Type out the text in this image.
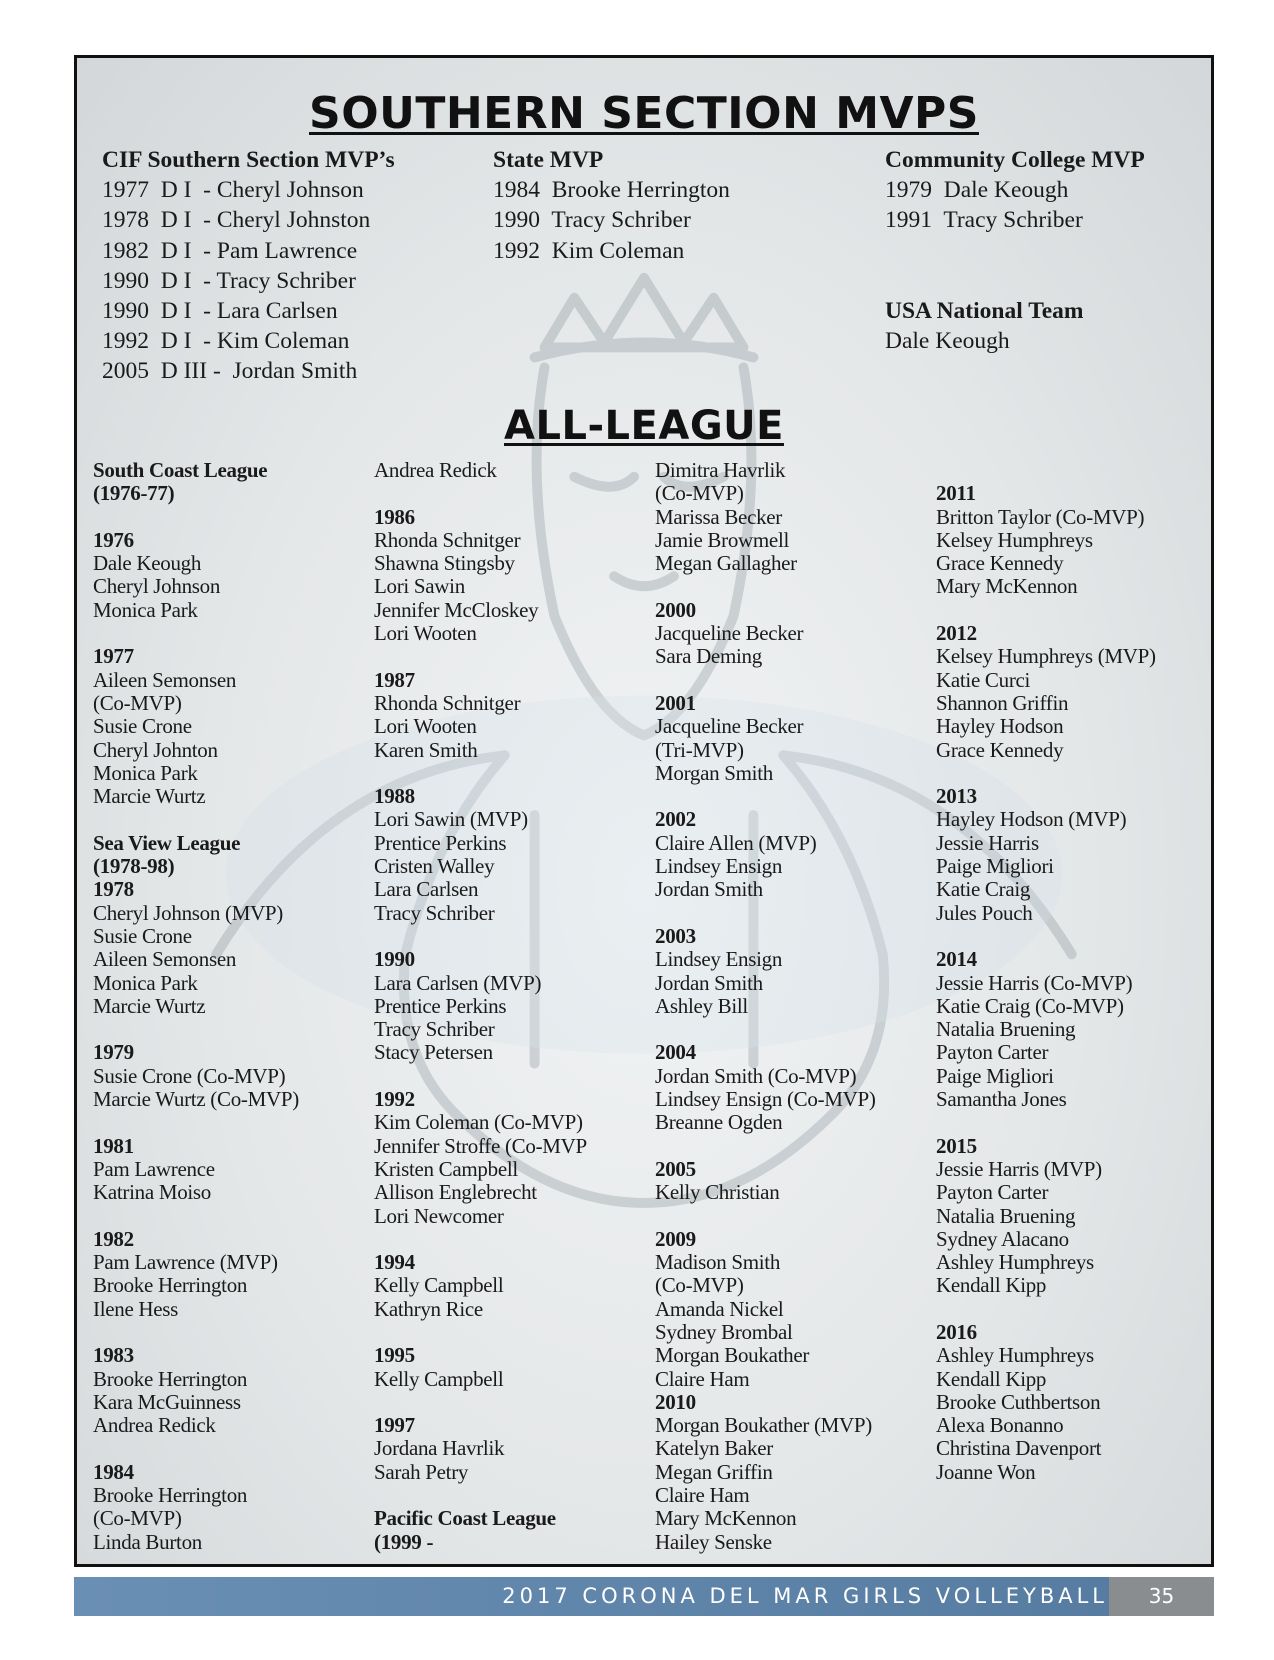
SOUTHERN SECTION MVPS
CIF Southern Section MVP’s
1977  D I  - Cheryl Johnson
1978  D I  - Cheryl Johnston
1982  D I  - Pam Lawrence
1990  D I  - Tracy Schriber
1990  D I  - Lara Carlsen
1992  D I  - Kim Coleman
2005  D III -  Jordan Smith
State MVP
1984  Brooke Herrington
1990  Tracy Schriber
1992  Kim Coleman
Community College MVP
1979  Dale Keough
1991  Tracy Schriber
USA National Team
Dale Keough
ALL-LEAGUE
South Coast League
(1976-77)
1976
Dale Keough
Cheryl Johnson
Monica Park
1977
Aileen Semonsen
(Co-MVP)
Susie Crone
Cheryl Johnton
Monica Park
Marcie Wurtz
Sea View League
(1978-98)
1978
Cheryl Johnson (MVP)
Susie Crone
Aileen Semonsen
Monica Park
Marcie Wurtz
1979
Susie Crone (Co-MVP)
Marcie Wurtz (Co-MVP)
1981
Pam Lawrence
Katrina Moiso
1982
Pam Lawrence (MVP)
Brooke Herrington
Ilene Hess
1983
Brooke Herrington
Kara McGuinness
Andrea Redick
1984
Brooke Herrington
(Co-MVP)
Linda Burton
Andrea Redick
1986
Rhonda Schnitger
Shawna Stingsby
Lori Sawin
Jennifer McCloskey
Lori Wooten
1987
Rhonda Schnitger
Lori Wooten
Karen Smith
1988
Lori Sawin (MVP)
Prentice Perkins
Cristen Walley
Lara Carlsen
Tracy Schriber
1990
Lara Carlsen (MVP)
Prentice Perkins
Tracy Schriber
Stacy Petersen
1992
Kim Coleman (Co-MVP)
Jennifer Stroffe (Co-MVP
Kristen Campbell
Allison Englebrecht
Lori Newcomer
1994
Kelly Campbell
Kathryn Rice
1995
Kelly Campbell
1997
Jordana Havrlik
Sarah Petry
Pacific Coast League
(1999 -
Dimitra Havrlik
(Co-MVP)
Marissa Becker
Jamie Browmell
Megan Gallagher
2000
Jacqueline Becker
Sara Deming
2001
Jacqueline Becker
(Tri-MVP)
Morgan Smith
2002
Claire Allen (MVP)
Lindsey Ensign
Jordan Smith
2003
Lindsey Ensign
Jordan Smith
Ashley Bill
2004
Jordan Smith (Co-MVP)
Lindsey Ensign (Co-MVP)
Breanne Ogden
2005
Kelly Christian
2009
Madison Smith
(Co-MVP)
Amanda Nickel
Sydney Brombal
Morgan Boukather
Claire Ham
2010
Morgan Boukather (MVP)
Katelyn Baker
Megan Griffin
Claire Ham
Mary McKennon
Hailey Senske
2011
Britton Taylor (Co-MVP)
Kelsey Humphreys
Grace Kennedy
Mary McKennon
2012
Kelsey Humphreys (MVP)
Katie Curci
Shannon Griffin
Hayley Hodson
Grace Kennedy
2013
Hayley Hodson (MVP)
Jessie Harris
Paige Migliori
Katie Craig
Jules Pouch
2014
Jessie Harris (Co-MVP)
Katie Craig (Co-MVP)
Natalia Bruening
Payton Carter
Paige Migliori
Samantha Jones
2015
Jessie Harris (MVP)
Payton Carter
Natalia Bruening
Sydney Alacano
Ashley Humphreys
Kendall Kipp
2016
Ashley Humphreys
Kendall Kipp
Brooke Cuthbertson
Alexa Bonanno
Christina Davenport
Joanne Won
2017 CORONA DEL MAR GIRLS VOLLEYBALL	35
